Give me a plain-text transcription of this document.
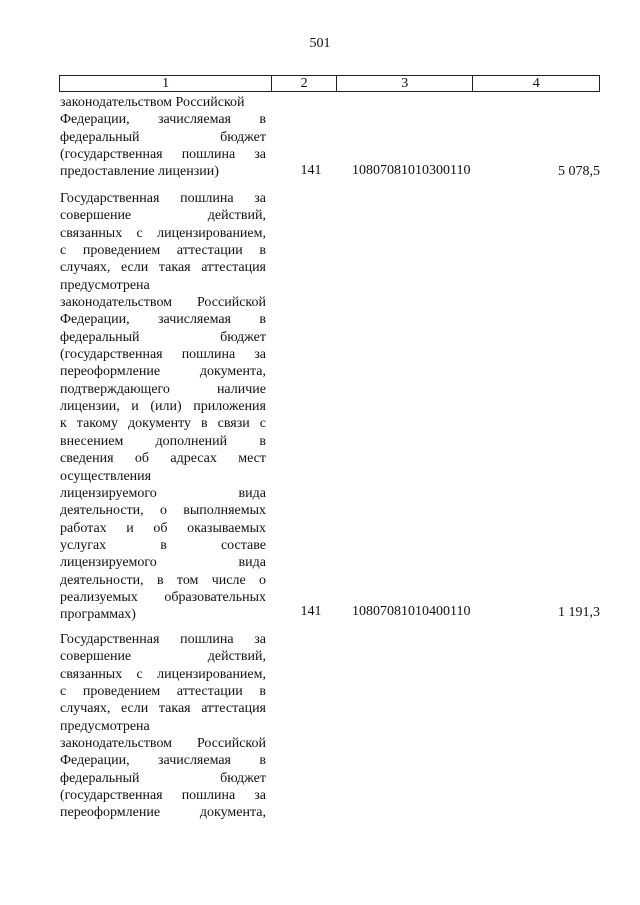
501
1	2	3	4
законодательством Российской
Федерации, зачисляемая в
федеральный бюджет
(государственная пошлина за
предоставление лицензии)	141	10807081010300110	5 078,5
Государственная пошлина за
совершение действий,
связанных с лицензированием,
с проведением аттестации в
случаях, если такая аттестация
предусмотрена
законодательством Российской
Федерации, зачисляемая в
федеральный бюджет
(государственная пошлина за
переоформление документа,
подтверждающего наличие
лицензии, и (или) приложения
к такому документу в связи с
внесением дополнений в
сведения об адресах мест
осуществления
лицензируемого вида
деятельности, о выполняемых
работах и об оказываемых
услугах в составе
лицензируемого вида
деятельности, в том числе о
реализуемых образовательных
программах)	141	10807081010400110	1 191,3
Государственная пошлина за
совершение действий,
связанных с лицензированием,
с проведением аттестации в
случаях, если такая аттестация
предусмотрена
законодательством Российской
Федерации, зачисляемая в
федеральный бюджет
(государственная пошлина за
переоформление документа,
